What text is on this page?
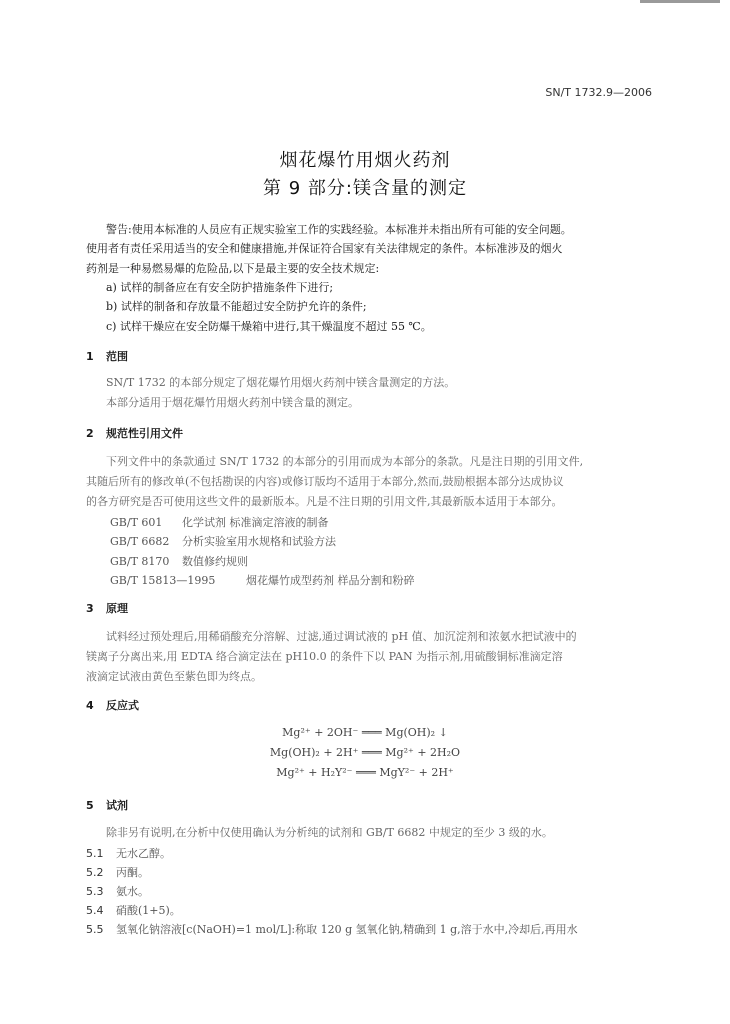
SN/T 1732.9—2006
烟花爆竹用烟火药剂
第 9 部分:镁含量的测定
警告:使用本标准的人员应有正规实验室工作的实践经验。本标准并未指出所有可能的安全问题。
使用者有责任采用适当的安全和健康措施,并保证符合国家有关法律规定的条件。本标准涉及的烟火
药剂是一种易燃易爆的危险品,以下是最主要的安全技术规定:
a) 试样的制备应在有安全防护措施条件下进行;
b) 试样的制备和存放量不能超过安全防护允许的条件;
c) 试样干燥应在安全防爆干燥箱中进行,其干燥温度不超过 55 ℃。
1 范围
SN/T 1732 的本部分规定了烟花爆竹用烟火药剂中镁含量测定的方法。
本部分适用于烟花爆竹用烟火药剂中镁含量的测定。
2 规范性引用文件
下列文件中的条款通过 SN/T 1732 的本部分的引用而成为本部分的条款。凡是注日期的引用文件,
其随后所有的修改单(不包括勘误的内容)或修订版均不适用于本部分,然而,鼓励根据本部分达成协议
的各方研究是否可使用这些文件的最新版本。凡是不注日期的引用文件,其最新版本适用于本部分。
GB/T 601 化学试剂 标准滴定溶液的制备
GB/T 6682 分析实验室用水规格和试验方法
GB/T 8170 数值修约规则
GB/T 15813—1995	烟花爆竹成型药剂 样品分割和粉碎
3 原理
试料经过预处理后,用稀硝酸充分溶解、过滤,通过调试液的 pH 值、加沉淀剂和浓氨水把试液中的
镁离子分离出来,用 EDTA 络合滴定法在 pH10.0 的条件下以 PAN 为指示剂,用硫酸铜标准滴定溶
液滴定试液由黄色至紫色即为终点。
4 反应式
Mg²⁺ + 2OH⁻ ═══ Mg(OH)₂ ↓
Mg(OH)₂ + 2H⁺ ═══ Mg²⁺ + 2H₂O
Mg²⁺ + H₂Y²⁻ ═══ MgY²⁻ + 2H⁺
5 试剂
除非另有说明,在分析中仅使用确认为分析纯的试剂和 GB/T 6682 中规定的至少 3 级的水。
5.1 无水乙醇。
5.2 丙酮。
5.3 氨水。
5.4 硝酸(1+5)。
5.5 氢氧化钠溶液[c(NaOH)=1 mol/L]:称取 120 g 氢氧化钠,精确到 1 g,溶于水中,冷却后,再用水
